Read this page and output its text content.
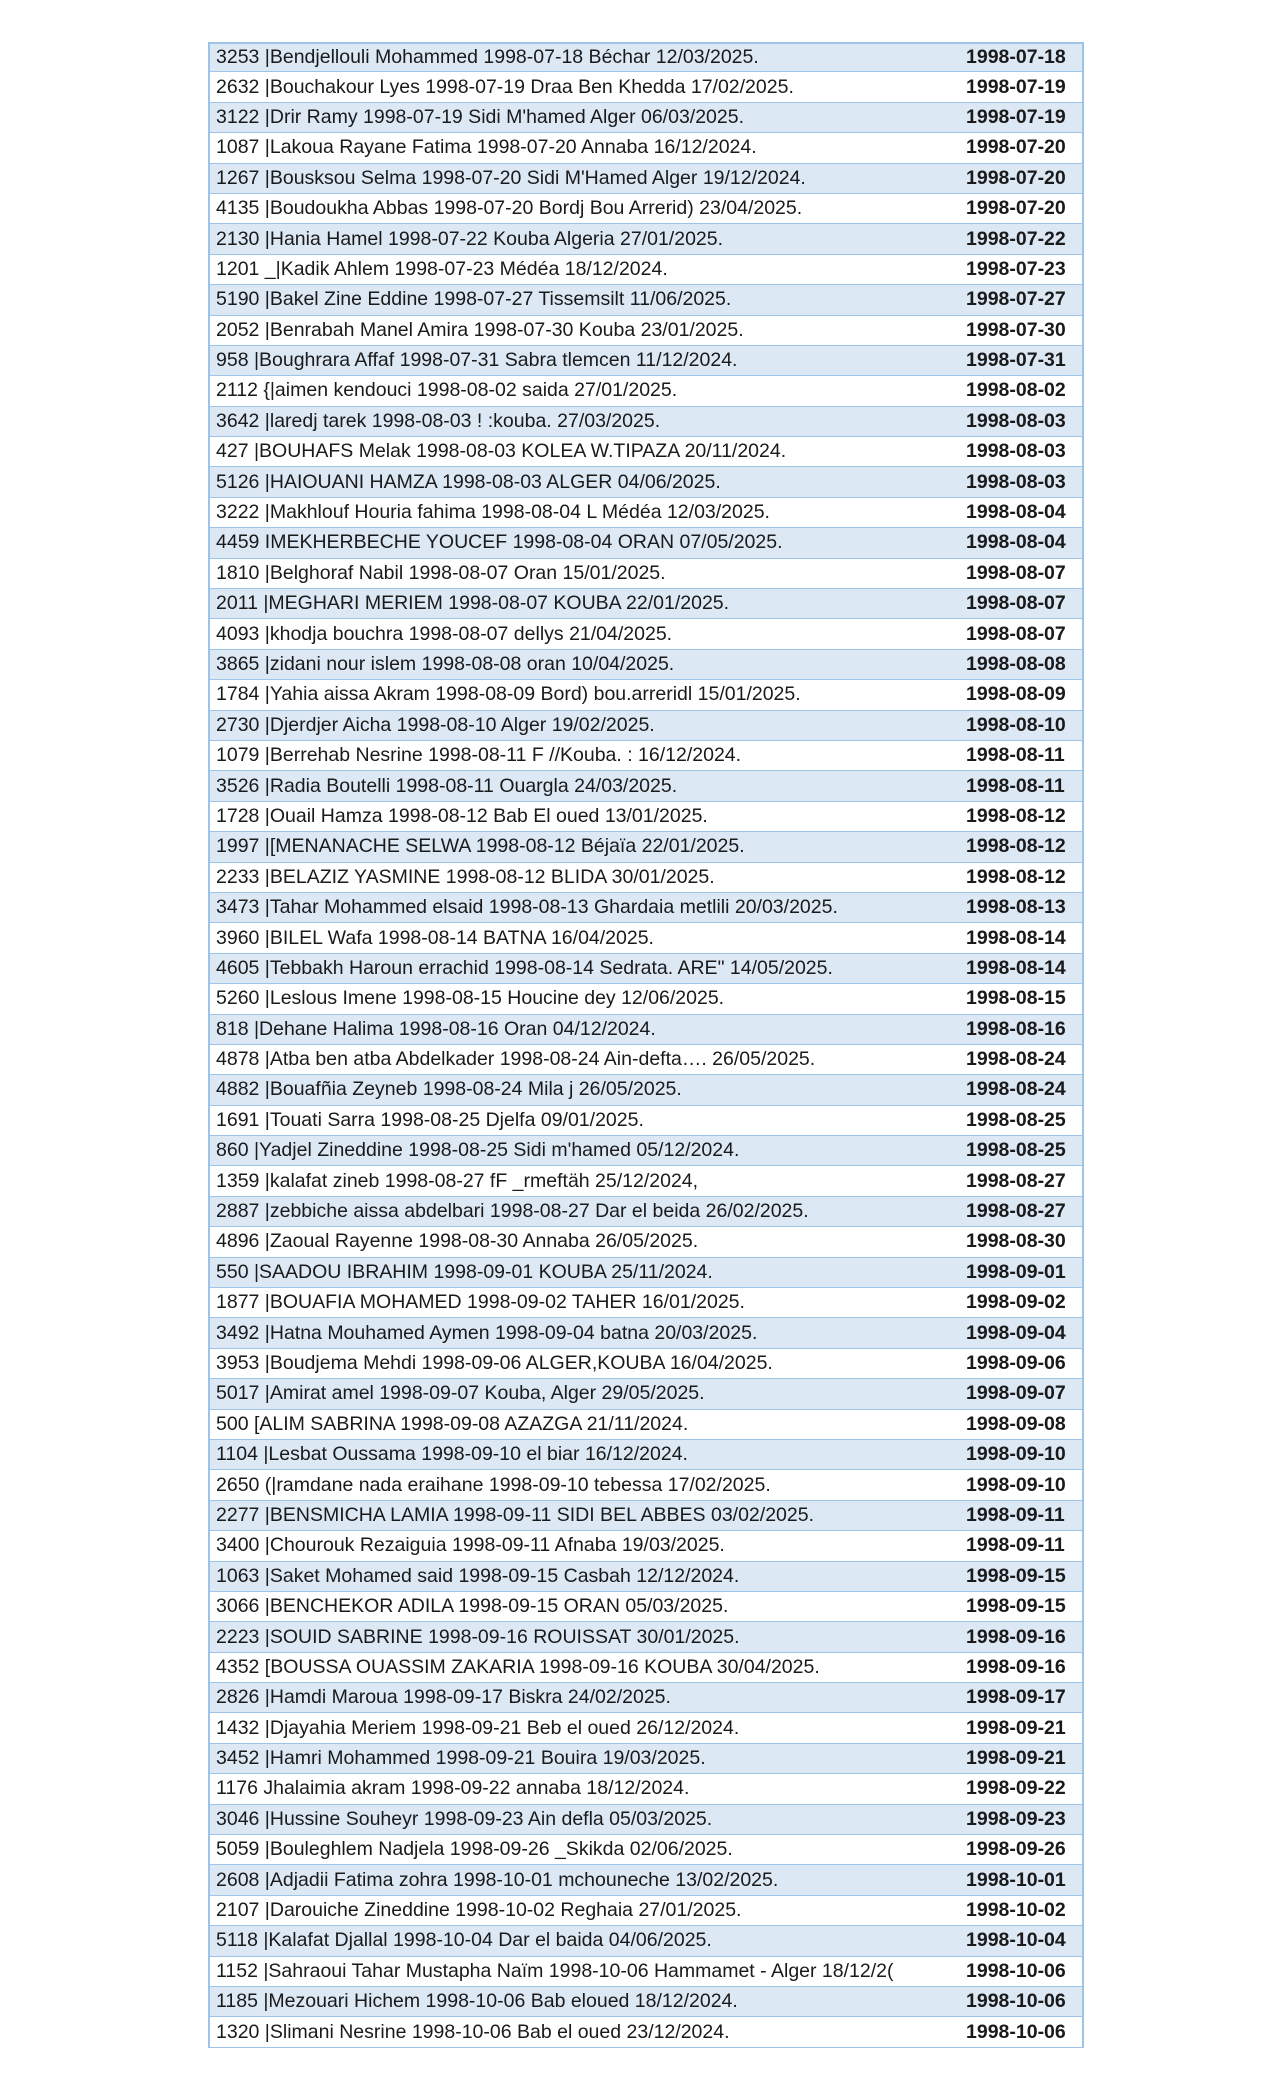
3253 |Bendjellouli Mohammed 1998-07-18 Béchar 12/03/2025.	1998-07-18
2632 |Bouchakour Lyes 1998-07-19 Draa Ben Khedda 17/02/2025.	1998-07-19
3122 |Drir Ramy 1998-07-19 Sidi M'hamed Alger 06/03/2025.	1998-07-19
1087 |Lakoua Rayane Fatima 1998-07-20 Annaba 16/12/2024.	1998-07-20
1267 |Bousksou Selma 1998-07-20 Sidi M'Hamed Alger 19/12/2024.	1998-07-20
4135 |Boudoukha Abbas 1998-07-20 Bordj Bou Arrerid) 23/04/2025.	1998-07-20
2130 |Hania Hamel 1998-07-22 Kouba Algeria 27/01/2025.	1998-07-22
1201 _|Kadik Ahlem 1998-07-23 Médéa 18/12/2024.	1998-07-23
5190 |Bakel Zine Eddine 1998-07-27 Tissemsilt 11/06/2025.	1998-07-27
2052 |Benrabah Manel Amira 1998-07-30 Kouba 23/01/2025.	1998-07-30
958 |Boughrara Affaf 1998-07-31 Sabra tlemcen 11/12/2024.	1998-07-31
2112 {|aimen kendouci 1998-08-02 saida 27/01/2025.	1998-08-02
3642 |laredj tarek 1998-08-03 ! :kouba. 27/03/2025.	1998-08-03
427 |BOUHAFS Melak 1998-08-03 KOLEA W.TIPAZA 20/11/2024.	1998-08-03
5126 |HAIOUANI HAMZA 1998-08-03 ALGER 04/06/2025.	1998-08-03
3222 |Makhlouf Houria fahima 1998-08-04 L Médéa 12/03/2025.	1998-08-04
4459 IMEKHERBECHE YOUCEF 1998-08-04 ORAN 07/05/2025.	1998-08-04
1810 |Belghoraf Nabil 1998-08-07 Oran 15/01/2025.	1998-08-07
2011 |MEGHARI MERIEM 1998-08-07 KOUBA 22/01/2025.	1998-08-07
4093 |khodja bouchra 1998-08-07 dellys 21/04/2025.	1998-08-07
3865 |zidani nour islem 1998-08-08 oran 10/04/2025.	1998-08-08
1784 |Yahia aissa Akram 1998-08-09 Bord) bou.arreridl 15/01/2025.	1998-08-09
2730 |Djerdjer Aicha 1998-08-10 Alger 19/02/2025.	1998-08-10
1079 |Berrehab Nesrine 1998-08-11 F //Kouba. : 16/12/2024.	1998-08-11
3526 |Radia Boutelli 1998-08-11 Ouargla 24/03/2025.	1998-08-11
1728 |Ouail Hamza 1998-08-12 Bab El oued 13/01/2025.	1998-08-12
1997 |[MENANACHE SELWA 1998-08-12 Béjaïa 22/01/2025.	1998-08-12
2233 |BELAZIZ YASMINE 1998-08-12 BLIDA 30/01/2025.	1998-08-12
3473 |Tahar Mohammed elsaid 1998-08-13 Ghardaia metlili 20/03/2025.	1998-08-13
3960 |BILEL Wafa 1998-08-14 BATNA 16/04/2025.	1998-08-14
4605 |Tebbakh Haroun errachid 1998-08-14 Sedrata. ARE" 14/05/2025.	1998-08-14
5260 |Leslous Imene 1998-08-15 Houcine dey 12/06/2025.	1998-08-15
818 |Dehane Halima 1998-08-16 Oran 04/12/2024.	1998-08-16
4878 |Atba ben atba Abdelkader 1998-08-24 Ain-defta…. 26/05/2025.	1998-08-24
4882 |Bouafñia Zeyneb 1998-08-24 Mila j 26/05/2025.	1998-08-24
1691 |Touati Sarra 1998-08-25 Djelfa 09/01/2025.	1998-08-25
860 |Yadjel Zineddine 1998-08-25 Sidi m'hamed 05/12/2024.	1998-08-25
1359 |kalafat zineb 1998-08-27 fF _rmeftäh 25/12/2024,	1998-08-27
2887 |zebbiche aissa abdelbari 1998-08-27 Dar el beida 26/02/2025.	1998-08-27
4896 |Zaoual Rayenne 1998-08-30 Annaba 26/05/2025.	1998-08-30
550 |SAADOU IBRAHIM 1998-09-01 KOUBA 25/11/2024.	1998-09-01
1877 |BOUAFIA MOHAMED 1998-09-02 TAHER 16/01/2025.	1998-09-02
3492 |Hatna Mouhamed Aymen 1998-09-04 batna 20/03/2025.	1998-09-04
3953 |Boudjema Mehdi 1998-09-06 ALGER,KOUBA 16/04/2025.	1998-09-06
5017 |Amirat amel 1998-09-07 Kouba, Alger 29/05/2025.	1998-09-07
500 [ALIM SABRINA 1998-09-08 AZAZGA 21/11/2024.	1998-09-08
1104 |Lesbat Oussama 1998-09-10 el biar 16/12/2024.	1998-09-10
2650 (|ramdane nada eraihane 1998-09-10 tebessa 17/02/2025.	1998-09-10
2277 |BENSMICHA LAMIA 1998-09-11 SIDI BEL ABBES 03/02/2025.	1998-09-11
3400 |Chourouk Rezaiguia 1998-09-11 Afnaba 19/03/2025.	1998-09-11
1063 |Saket Mohamed said 1998-09-15 Casbah 12/12/2024.	1998-09-15
3066 |BENCHEKOR ADILA 1998-09-15 ORAN 05/03/2025.	1998-09-15
2223 |SOUID SABRINE 1998-09-16 ROUISSAT 30/01/2025.	1998-09-16
4352 [BOUSSA OUASSIM ZAKARIA 1998-09-16 KOUBA 30/04/2025.	1998-09-16
2826 |Hamdi Maroua 1998-09-17 Biskra 24/02/2025.	1998-09-17
1432 |Djayahia Meriem 1998-09-21 Beb el oued 26/12/2024.	1998-09-21
3452 |Hamri Mohammed 1998-09-21 Bouira 19/03/2025.	1998-09-21
1176 Jhalaimia akram 1998-09-22 annaba 18/12/2024.	1998-09-22
3046 |Hussine Souheyr 1998-09-23 Ain defla 05/03/2025.	1998-09-23
5059 |Bouleghlem Nadjela 1998-09-26 _Skikda 02/06/2025.	1998-09-26
2608 |Adjadii Fatima zohra 1998-10-01 mchouneche 13/02/2025.	1998-10-01
2107 |Darouiche Zineddine 1998-10-02 Reghaia 27/01/2025.	1998-10-02
5118 |Kalafat Djallal 1998-10-04 Dar el baida 04/06/2025.	1998-10-04
1152 |Sahraoui Tahar Mustapha Naïm 1998-10-06 Hammamet - Alger 18/12/2(	1998-10-06
1185 |Mezouari Hichem 1998-10-06 Bab eloued 18/12/2024.	1998-10-06
1320 |Slimani Nesrine 1998-10-06 Bab el oued 23/12/2024.	1998-10-06
